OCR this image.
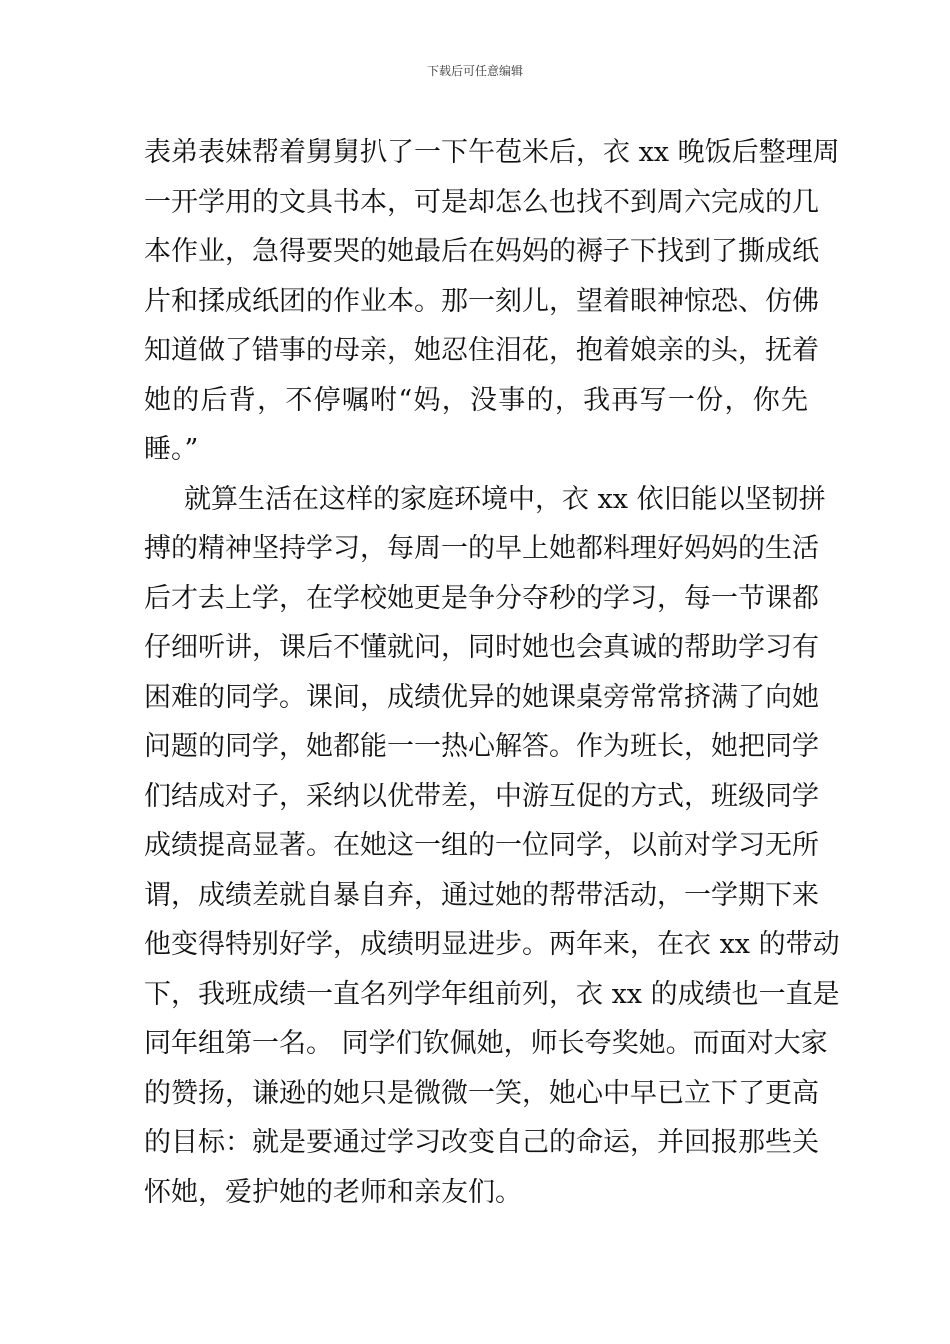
下载后可任意编辑
表弟表妹帮着舅舅扒了一下午苞米后，衣 xx 晚饭后整理周
一开学用的文具书本，可是却怎么也找不到周六完成的几
本作业，急得要哭的她最后在妈妈的褥子下找到了撕成纸
片和揉成纸团的作业本。那一刻儿，望着眼神惊恐、仿佛
知道做了错事的母亲，她忍住泪花，抱着娘亲的头，抚着
她的后背，不停嘱咐“妈，没事的，我再写一份，你先
睡。”
就算生活在这样的家庭环境中，衣 xx 依旧能以坚韧拼
搏的精神坚持学习，每周一的早上她都料理好妈妈的生活
后才去上学，在学校她更是争分夺秒的学习，每一节课都
仔细听讲，课后不懂就问，同时她也会真诚的帮助学习有
困难的同学。课间，成绩优异的她课桌旁常常挤满了向她
问题的同学，她都能一一热心解答。作为班长，她把同学
们结成对子，采纳以优带差，中游互促的方式，班级同学
成绩提高显著。在她这一组的一位同学，以前对学习无所
谓，成绩差就自暴自弃，通过她的帮带活动，一学期下来
他变得特别好学，成绩明显进步。两年来，在衣 xx 的带动
下，我班成绩一直名列学年组前列，衣 xx 的成绩也一直是
同年组第一名。 同学们钦佩她，师长夸奖她。而面对大家
的赞扬，谦逊的她只是微微一笑，她心中早已立下了更高
的目标：就是要通过学习改变自己的命运，并回报那些关
怀她，爱护她的老师和亲友们。
